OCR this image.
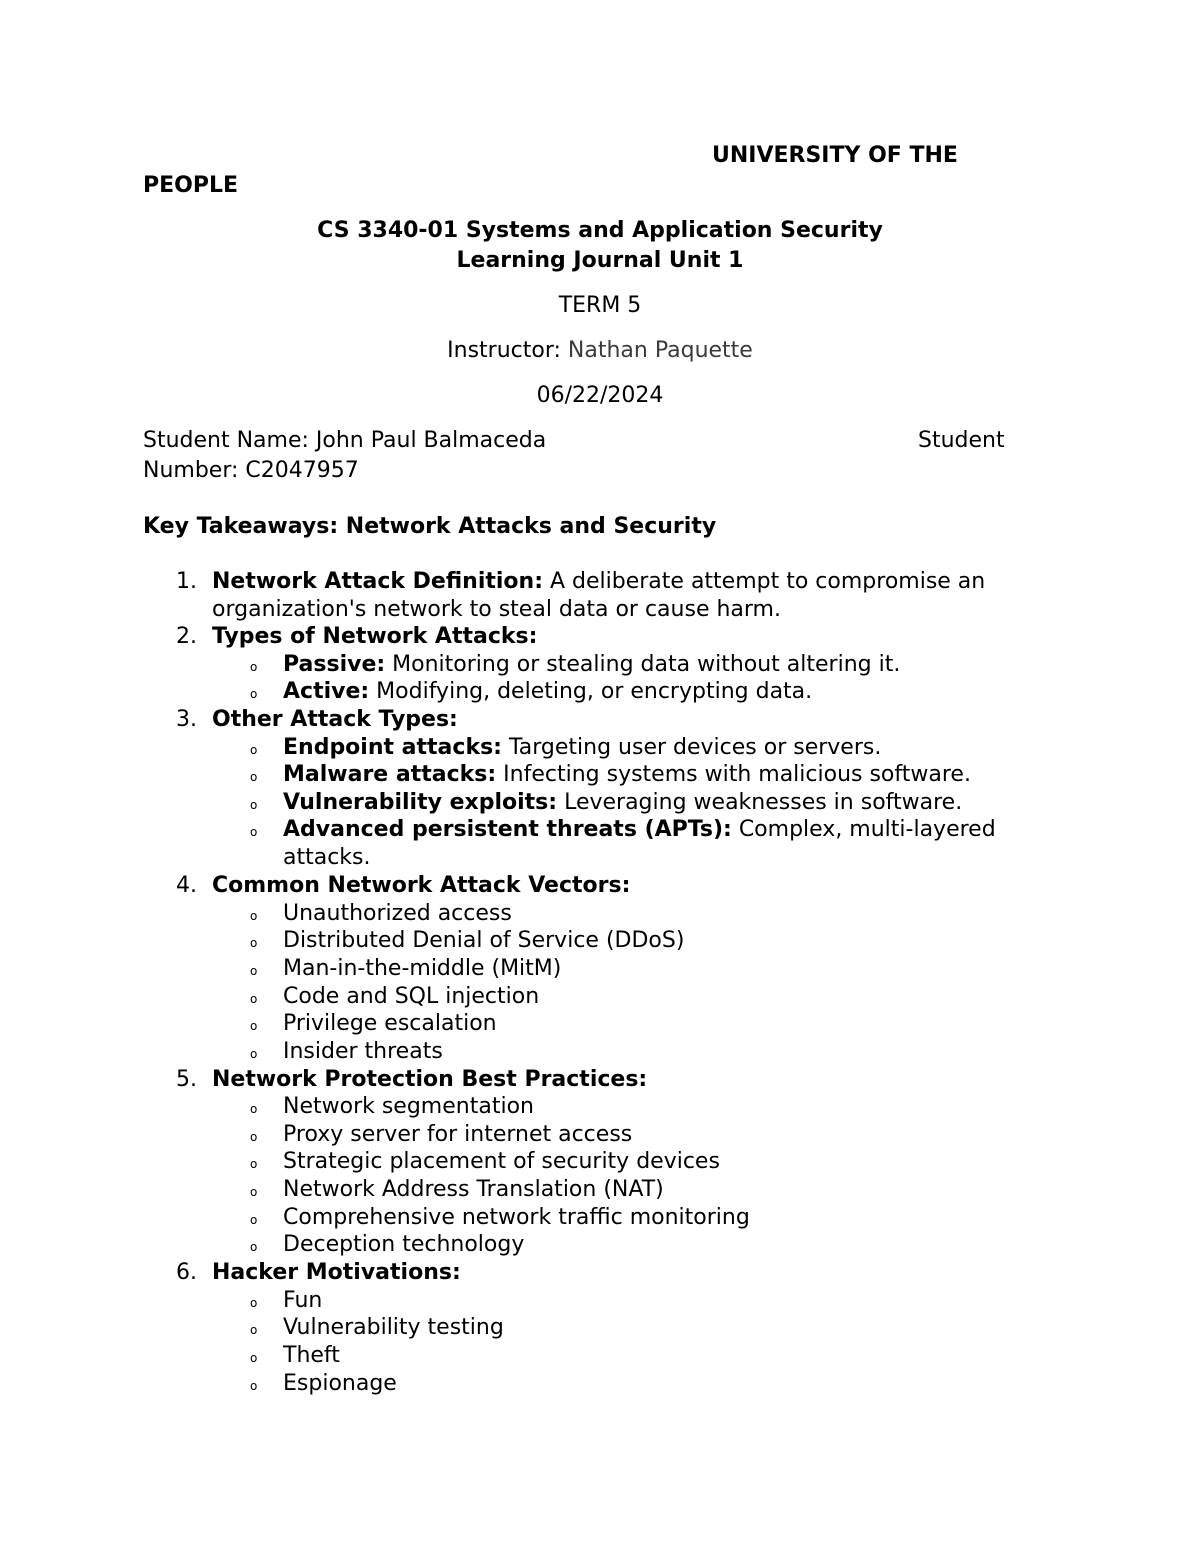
UNIVERSITY OF THE
PEOPLE
CS 3340-01 Systems and Application Security
Learning Journal Unit 1
TERM 5
Instructor: Nathan Paquette
06/22/2024
Student Name: John Paul Balmaceda	Student
Number: C2047957
Key Takeaways: Network Attacks and Security
1. Network Attack Definition: A deliberate attempt to compromise an
organization's network to steal data or cause harm.
2. Types of Network Attacks:
o Passive: Monitoring or stealing data without altering it.
o Active: Modifying, deleting, or encrypting data.
3. Other Attack Types:
o Endpoint attacks: Targeting user devices or servers.
o Malware attacks: Infecting systems with malicious software.
o Vulnerability exploits: Leveraging weaknesses in software.
o Advanced persistent threats (APTs): Complex, multi-layered
attacks.
4. Common Network Attack Vectors:
o Unauthorized access
o Distributed Denial of Service (DDoS)
o Man-in-the-middle (MitM)
o Code and SQL injection
o Privilege escalation
o Insider threats
5. Network Protection Best Practices:
o Network segmentation
o Proxy server for internet access
o Strategic placement of security devices
o Network Address Translation (NAT)
o Comprehensive network traffic monitoring
o Deception technology
6. Hacker Motivations:
o Fun
o Vulnerability testing
o Theft
o Espionage
